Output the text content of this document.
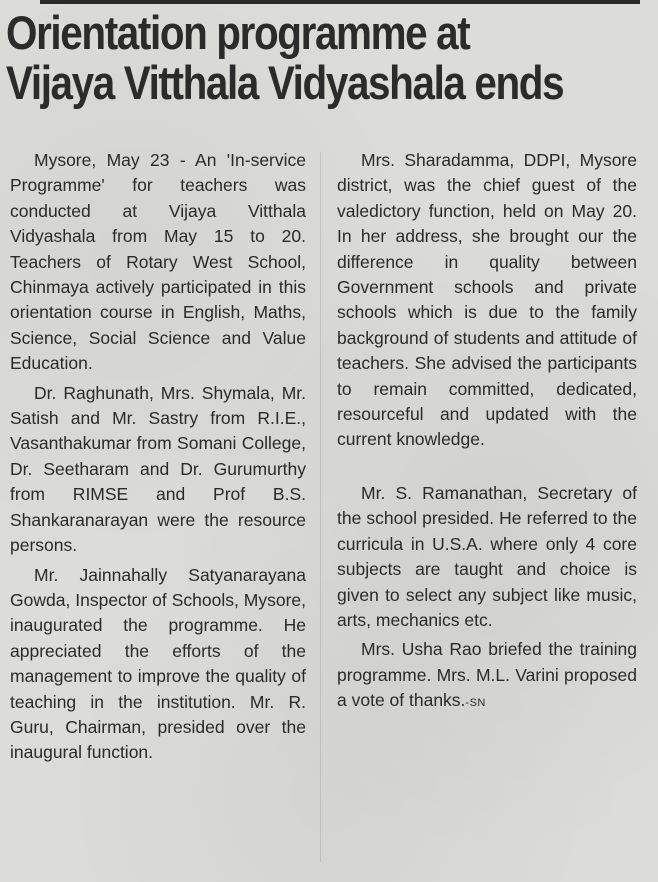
Orientation programme at
Vijaya Vitthala Vidyashala ends

Mysore, May 23 - An 'In-service Programme' for teachers was conducted at Vijaya Vitthala Vidyashala from May 15 to 20. Teachers of Rotary West School, Chinmaya actively participated in this orientation course in English, Maths, Science, Social Science and Value Education.

Dr. Raghunath, Mrs. Shymala, Mr. Satish and Mr. Sastry from R.I.E., Vasanthakumar from Somani College, Dr. Seetharam and Dr. Gurumurthy from RIMSE and Prof B.S. Shankaranarayan were the resource persons.

Mr. Jainnahally Satyanarayana Gowda, Inspector of Schools, Mysore, inaugurated the programme. He appreciated the efforts of the management to improve the quality of teaching in the institution. Mr. R. Guru, Chairman, presided over the inaugural function.

Mrs. Sharadamma, DDPI, Mysore district, was the chief guest of the valedictory function, held on May 20. In her address, she brought our the difference in quality between Government schools and private schools which is due to the family background of students and attitude of teachers. She advised the participants to remain committed, dedicated, resourceful and updated with the current knowledge.

Mr. S. Ramanathan, Secretary of the school presided. He referred to the curricula in U.S.A. where only 4 core subjects are taught and choice is given to select any subject like music, arts, mechanics etc.

Mrs. Usha Rao briefed the training programme. Mrs. M.L. Varini proposed a vote of thanks.-SN
